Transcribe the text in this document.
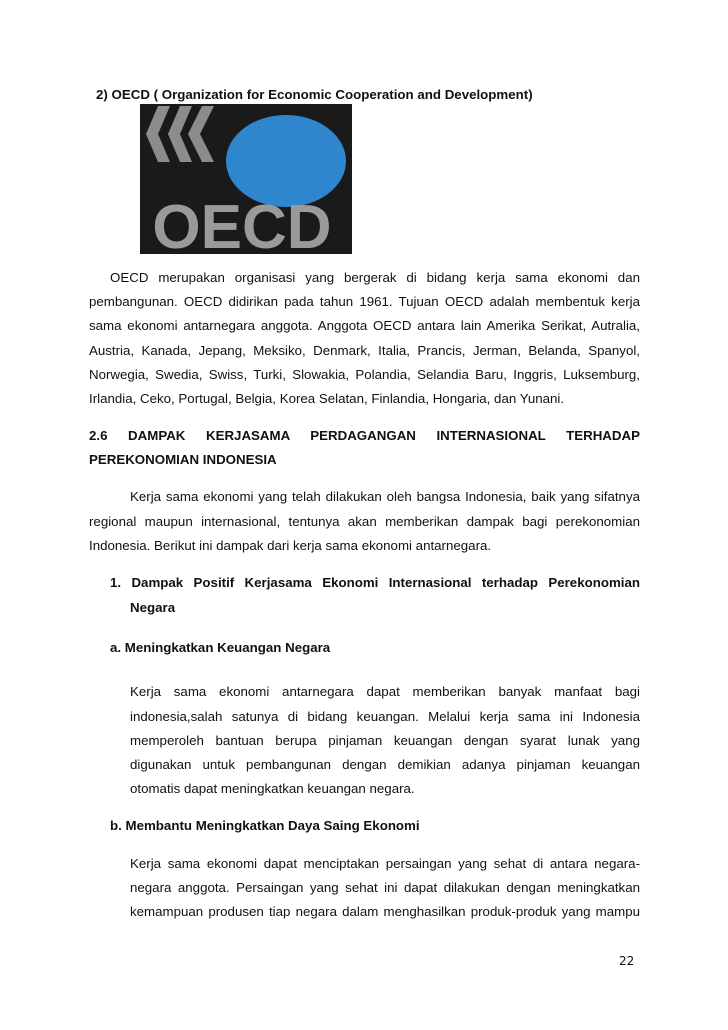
2) OECD ( Organization for Economic Cooperation and Development)
OECD
OECD merupakan organisasi yang bergerak di bidang kerja sama ekonomi dan
pembangunan. OECD didirikan pada tahun 1961. Tujuan OECD adalah membentuk kerja
sama ekonomi antarnegara anggota. Anggota OECD antara lain Amerika Serikat, Autralia,
Austria, Kanada, Jepang, Meksiko, Denmark, Italia, Prancis, Jerman, Belanda, Spanyol,
Norwegia, Swedia, Swiss, Turki, Slowakia, Polandia, Selandia Baru, Inggris, Luksemburg,
Irlandia, Ceko, Portugal, Belgia, Korea Selatan, Finlandia, Hongaria, dan Yunani.
2.6 DAMPAK KERJASAMA PERDAGANGAN INTERNASIONAL TERHADAP
PEREKONOMIAN INDONESIA
Kerja sama ekonomi yang telah dilakukan oleh bangsa Indonesia, baik yang sifatnya
regional maupun internasional, tentunya akan memberikan dampak bagi perekonomian
Indonesia. Berikut ini dampak dari kerja sama ekonomi antarnegara.
1. Dampak Positif Kerjasama Ekonomi Internasional terhadap Perekonomian
Negara
a. Meningkatkan Keuangan Negara
Kerja sama ekonomi antarnegara dapat memberikan banyak manfaat bagi
indonesia,salah satunya di bidang keuangan. Melalui kerja sama ini Indonesia
memperoleh bantuan berupa pinjaman keuangan dengan syarat lunak yang
digunakan untuk pembangunan dengan demikian adanya pinjaman keuangan
otomatis dapat meningkatkan keuangan negara.
b. Membantu Meningkatkan Daya Saing Ekonomi
Kerja sama ekonomi dapat menciptakan persaingan yang sehat di antara negara-
negara anggota. Persaingan yang sehat ini dapat dilakukan dengan meningkatkan
kemampuan produsen tiap negara dalam menghasilkan produk-produk yang mampu
22
